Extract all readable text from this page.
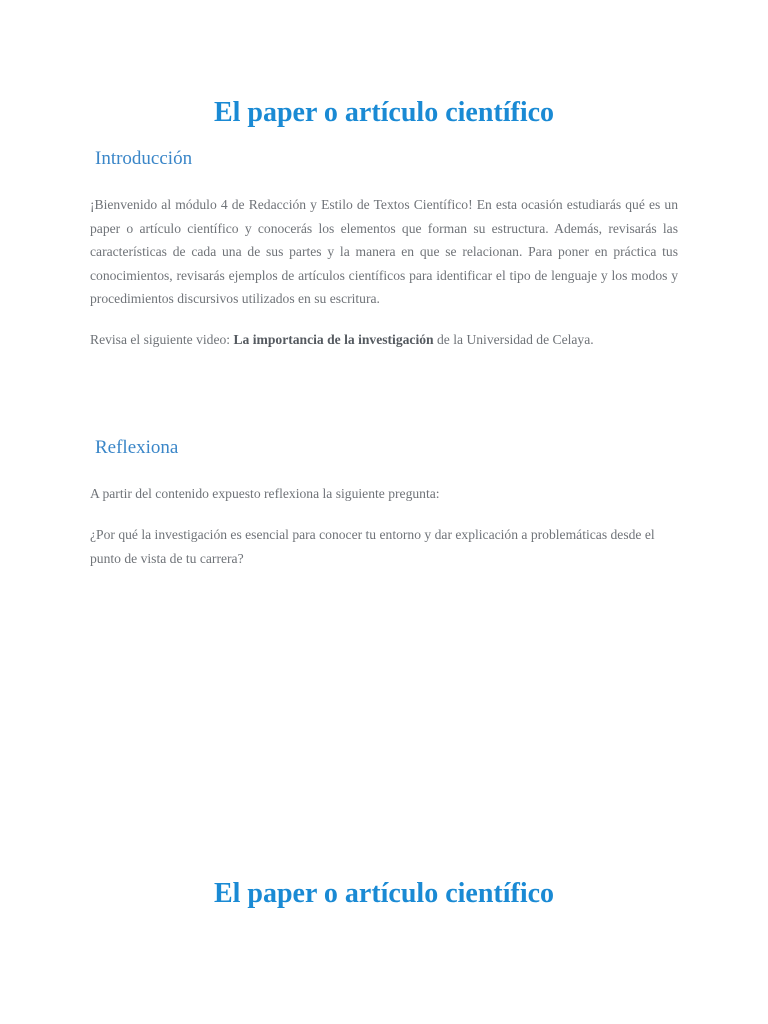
El paper o artículo científico
Introducción

¡Bienvenido al módulo 4 de Redacción y Estilo de Textos Científico! En esta ocasión estudiarás qué es un paper o artículo científico y conocerás los elementos que forman su estructura. Además, revisarás las características de cada una de sus partes y la manera en que se relacionan. Para poner en práctica tus conocimientos, revisarás ejemplos de artículos científicos para identificar el tipo de lenguaje y los modos y procedimientos discursivos utilizados en su escritura.

Revisa el siguiente video: La importancia de la investigación de la Universidad de Celaya.

Reflexiona

A partir del contenido expuesto reflexiona la siguiente pregunta:

¿Por qué la investigación es esencial para conocer tu entorno y dar explicación a problemáticas desde el punto de vista de tu carrera?

El paper o artículo científico
